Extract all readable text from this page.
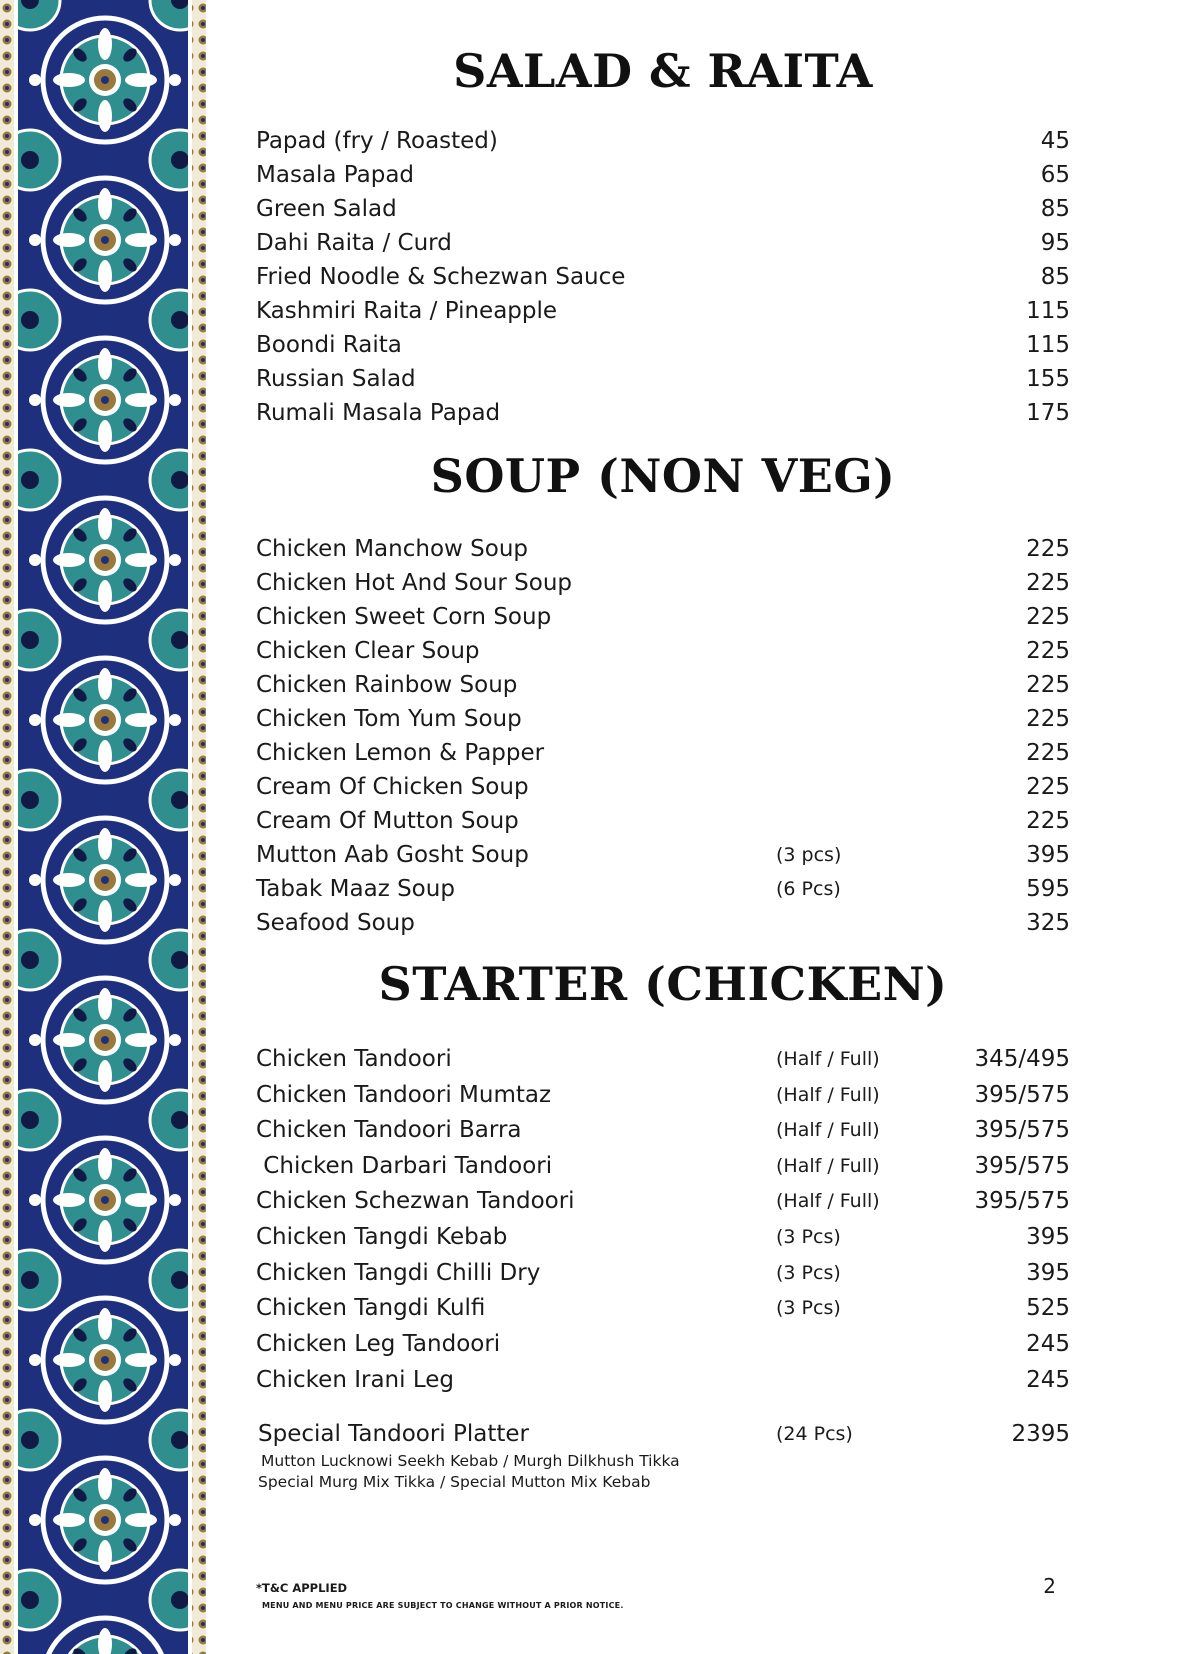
SALAD & RAITA
Papad (fry / Roasted)	45
Masala Papad	65
Green Salad	85
Dahi Raita / Curd	95
Fried Noodle & Schezwan Sauce	85
Kashmiri Raita / Pineapple	115
Boondi Raita	115
Russian Salad	155
Rumali Masala Papad	175
SOUP (NON VEG)
Chicken Manchow Soup	225
Chicken Hot And Sour Soup	225
Chicken Sweet Corn Soup	225
Chicken Clear Soup	225
Chicken Rainbow Soup	225
Chicken Tom Yum Soup	225
Chicken Lemon & Papper	225
Cream Of Chicken Soup	225
Cream Of Mutton Soup	225
Mutton Aab Gosht Soup	(3 pcs)	395
Tabak Maaz Soup	(6 Pcs)	595
Seafood Soup	325
STARTER (CHICKEN)
Chicken Tandoori	(Half / Full)	345/495
Chicken Tandoori Mumtaz	(Half / Full)	395/575
Chicken Tandoori Barra	(Half / Full)	395/575
Chicken Darbari Tandoori	(Half / Full)	395/575
Chicken Schezwan Tandoori	(Half / Full)	395/575
Chicken Tangdi Kebab	(3 Pcs)	395
Chicken Tangdi Chilli Dry	(3 Pcs)	395
Chicken Tangdi Kulfi	(3 Pcs)	525
Chicken Leg Tandoori	245
Chicken Irani Leg	245
Special Tandoori Platter	(24 Pcs)	2395
Mutton Lucknowi Seekh Kebab / Murgh Dilkhush Tikka
Special Murg Mix Tikka / Special Mutton Mix Kebab
*T&C APPLIED
MENU AND MENU PRICE ARE SUBJECT TO CHANGE WITHOUT A PRIOR NOTICE.
2
